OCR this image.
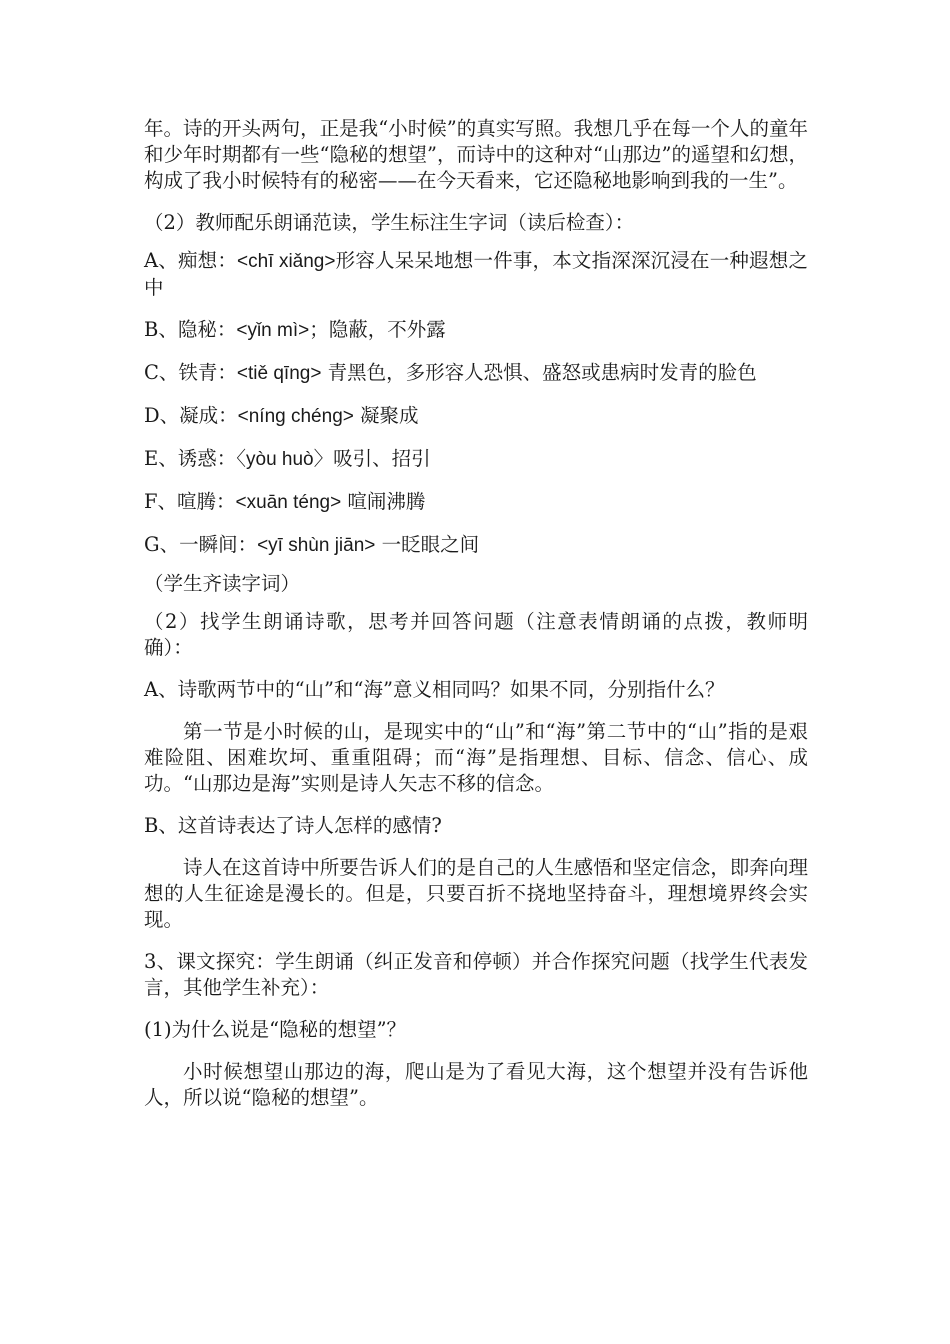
年。诗的开头两句，正是我“小时候”的真实写照。我想几乎在每一个人的童年和少年时期都有一些“隐秘的想望”，而诗中的这种对“山那边”的遥望和幻想，构成了我小时候特有的秘密——在今天看来，它还隐秘地影响到我的一生”。

（2）教师配乐朗诵范读，学生标注生字词（读后检查）：

A、痴想：<chī xiǎng>形容人呆呆地想一件事，本文指深深沉浸在一种遐想之中

B、隐秘：<yǐn mì>；隐蔽，不外露

C、铁青：<tiě qīng> 青黑色，多形容人恐惧、盛怒或患病时发青的脸色

D、凝成：<níng chéng> 凝聚成

E、诱惑：〈yòu huò〉吸引、招引

F、喧腾：<xuān téng> 喧闹沸腾

G、一瞬间：<yī shùn jiān> 一眨眼之间

（学生齐读字词）

（2）找学生朗诵诗歌，思考并回答问题（注意表情朗诵的点拨，教师明确）：

A、诗歌两节中的“山”和“海”意义相同吗？如果不同，分别指什么？

第一节是小时候的山，是现实中的“山”和“海”第二节中的“山”指的是艰难险阻、困难坎坷、重重阻碍；而“海”是指理想、目标、信念、信心、成功。“山那边是海”实则是诗人矢志不移的信念。

B、这首诗表达了诗人怎样的感情?

诗人在这首诗中所要告诉人们的是自己的人生感悟和坚定信念，即奔向理想的人生征途是漫长的。但是，只要百折不挠地坚持奋斗，理想境界终会实现。

3、课文探究：学生朗诵（纠正发音和停顿）并合作探究问题（找学生代表发言，其他学生补充）：

(1)为什么说是“隐秘的想望”？

小时候想望山那边的海，爬山是为了看见大海，这个想望并没有告诉他人，所以说“隐秘的想望”。
